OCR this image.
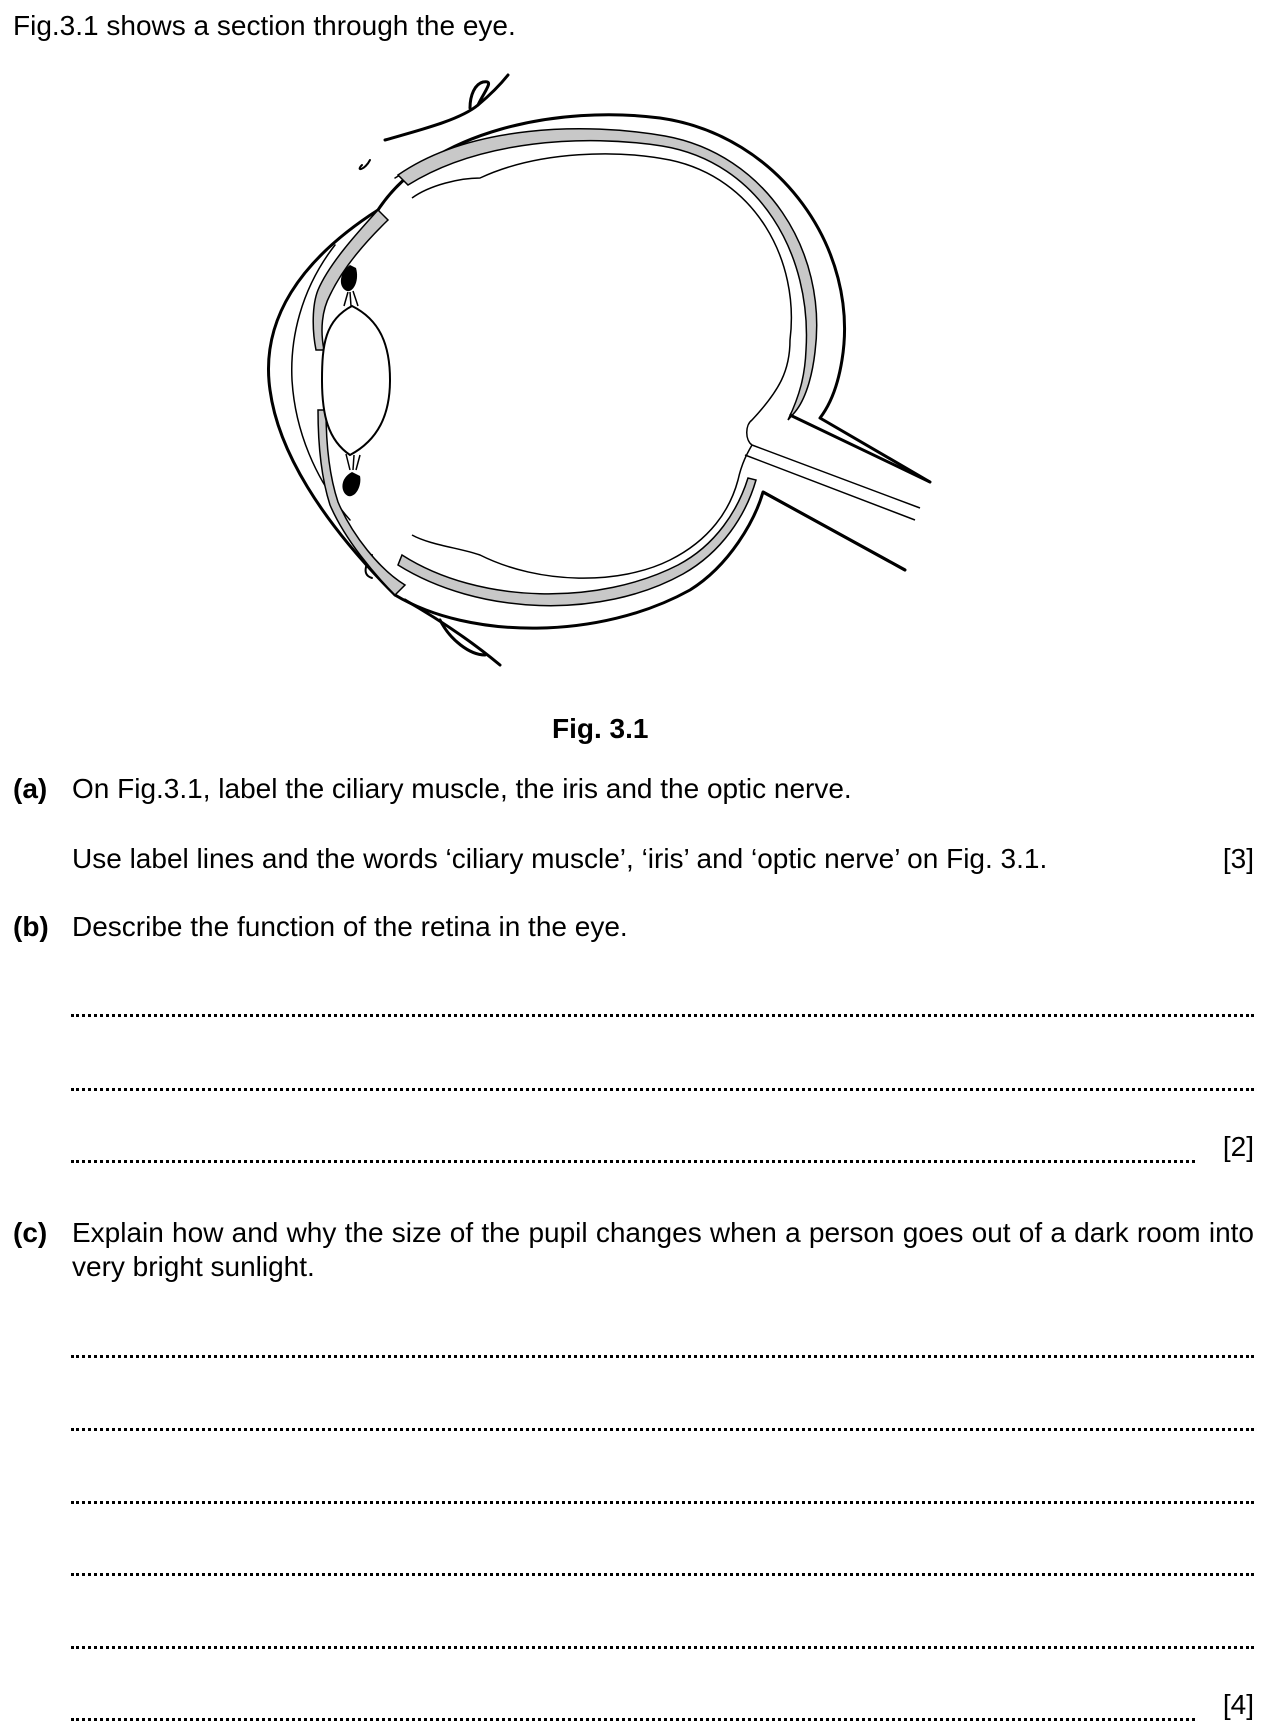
Fig.3.1 shows a section through the eye.
Fig. 3.1
(a) On Fig.3.1, label the ciliary muscle, the iris and the optic nerve.
Use label lines and the words ‘ciliary muscle’, ‘iris’ and ‘optic nerve’ on Fig. 3.1.	[3]
(b) Describe the function of the retina in the eye.
[2]
(c) Explain how and why the size of the pupil changes when a person goes out of a dark room into very bright sunlight.
[4]
